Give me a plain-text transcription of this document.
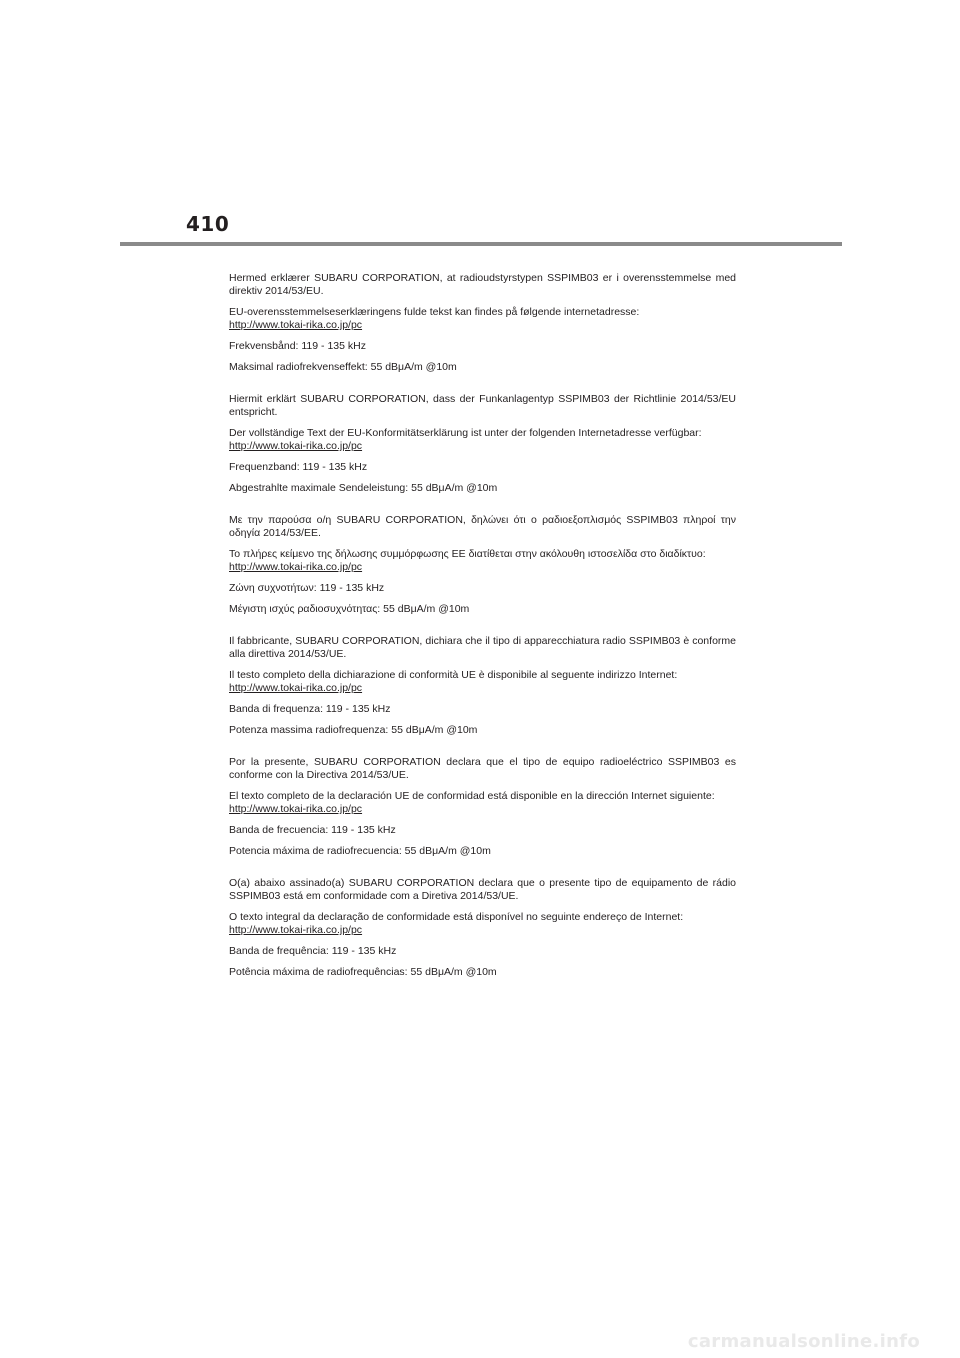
410

Hermed erklærer SUBARU CORPORATION, at radioudstyrstypen SSPIMB03 er i overensstemmelse med direktiv 2014/53/EU.

EU-overensstemmelseserklæringens fulde tekst kan findes på følgende internetadresse:
http://www.tokai-rika.co.jp/pc

Frekvensbånd: 119 - 135 kHz

Maksimal radiofrekvenseffekt: 55 dBμA/m @10m

Hiermit erklärt SUBARU CORPORATION, dass der Funkanlagentyp SSPIMB03 der Richtlinie 2014/53/EU entspricht.

Der vollständige Text der EU-Konformitätserklärung ist unter der folgenden Internetadresse verfügbar:
http://www.tokai-rika.co.jp/pc

Frequenzband: 119 - 135 kHz

Abgestrahlte maximale Sendeleistung: 55 dBμA/m @10m

Με την παρούσα ο/η SUBARU CORPORATION, δηλώνει ότι ο ραδιοεξοπλισμός SSPIMB03 πληροί την οδηγία 2014/53/ΕΕ.

Το πλήρες κείμενο της δήλωσης συμμόρφωσης ΕΕ διατίθεται στην ακόλουθη ιστοσελίδα στο διαδίκτυο:
http://www.tokai-rika.co.jp/pc

Ζώνη συχνοτήτων: 119 - 135 kHz

Μέγιστη ισχύς ραδιοσυχνότητας: 55 dBμA/m @10m

Il fabbricante, SUBARU CORPORATION, dichiara che il tipo di apparecchiatura radio SSPIMB03 è conforme alla direttiva 2014/53/UE.

Il testo completo della dichiarazione di conformità UE è disponibile al seguente indirizzo Internet:
http://www.tokai-rika.co.jp/pc

Banda di frequenza: 119 - 135 kHz

Potenza massima radiofrequenza: 55 dBμA/m @10m

Por la presente, SUBARU CORPORATION declara que el tipo de equipo radioeléctrico SSPIMB03 es conforme con la Directiva 2014/53/UE.

El texto completo de la declaración UE de conformidad está disponible en la dirección Internet siguiente:
http://www.tokai-rika.co.jp/pc

Banda de frecuencia: 119 - 135 kHz

Potencia máxima de radiofrecuencia: 55 dBμA/m @10m

O(a) abaixo assinado(a) SUBARU CORPORATION declara que o presente tipo de equipamento de rádio SSPIMB03 está em conformidade com a Diretiva 2014/53/UE.

O texto integral da declaração de conformidade está disponível no seguinte endereço de Internet:
http://www.tokai-rika.co.jp/pc

Banda de frequência: 119 - 135 kHz

Potência máxima de radiofrequências: 55 dBμA/m @10m

carmanualsonline.info
